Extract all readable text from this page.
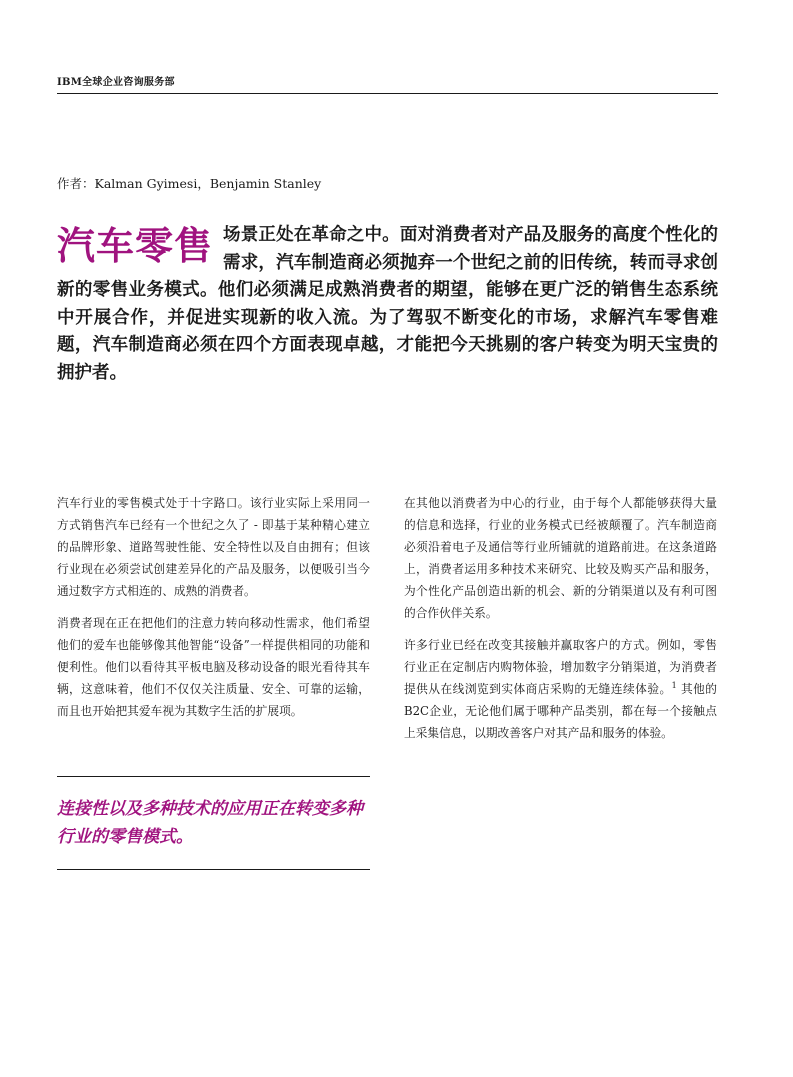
IBM全球企业咨询服务部
作者：Kalman Gyimesi，Benjamin Stanley
汽车零售 场景正处在革命之中。面对消费者对产品及服务的高度个性化的需求，汽车制造商必须抛弃一个世纪之前的旧传统，转而寻求创新的零售业务模式。他们必须满足成熟消费者的期望，能够在更广泛的销售生态系统中开展合作，并促进实现新的收入流。为了驾驭不断变化的市场，求解汽车零售难题，汽车制造商必须在四个方面表现卓越，才能把今天挑剔的客户转变为明天宝贵的拥护者。

汽车行业的零售模式处于十字路口。该行业实际上采用同一方式销售汽车已经有一个世纪之久了 - 即基于某种精心建立的品牌形象、道路驾驶性能、安全特性以及自由拥有；但该行业现在必须尝试创建差异化的产品及服务，以便吸引当今通过数字方式相连的、成熟的消费者。

消费者现在正在把他们的注意力转向移动性需求，他们希望他们的爱车也能够像其他智能“设备”一样提供相同的功能和便利性。他们以看待其平板电脑及移动设备的眼光看待其车辆，这意味着，他们不仅仅关注质量、安全、可靠的运输，而且也开始把其爱车视为其数字生活的扩展项。

连接性以及多种技术的应用正在转变多种行业的零售模式。

在其他以消费者为中心的行业，由于每个人都能够获得大量的信息和选择，行业的业务模式已经被颠覆了。汽车制造商必须沿着电子及通信等行业所铺就的道路前进。在这条道路上，消费者运用多种技术来研究、比较及购买产品和服务，为个性化产品创造出新的机会、新的分销渠道以及有利可图的合作伙伴关系。

许多行业已经在改变其接触并赢取客户的方式。例如，零售行业正在定制店内购物体验，增加数字分销渠道，为消费者提供从在线浏览到实体商店采购的无缝连续体验。$^1$ 其他的B2C企业，无论他们属于哪种产品类别，都在每一个接触点上采集信息，以期改善客户对其产品和服务的体验。
